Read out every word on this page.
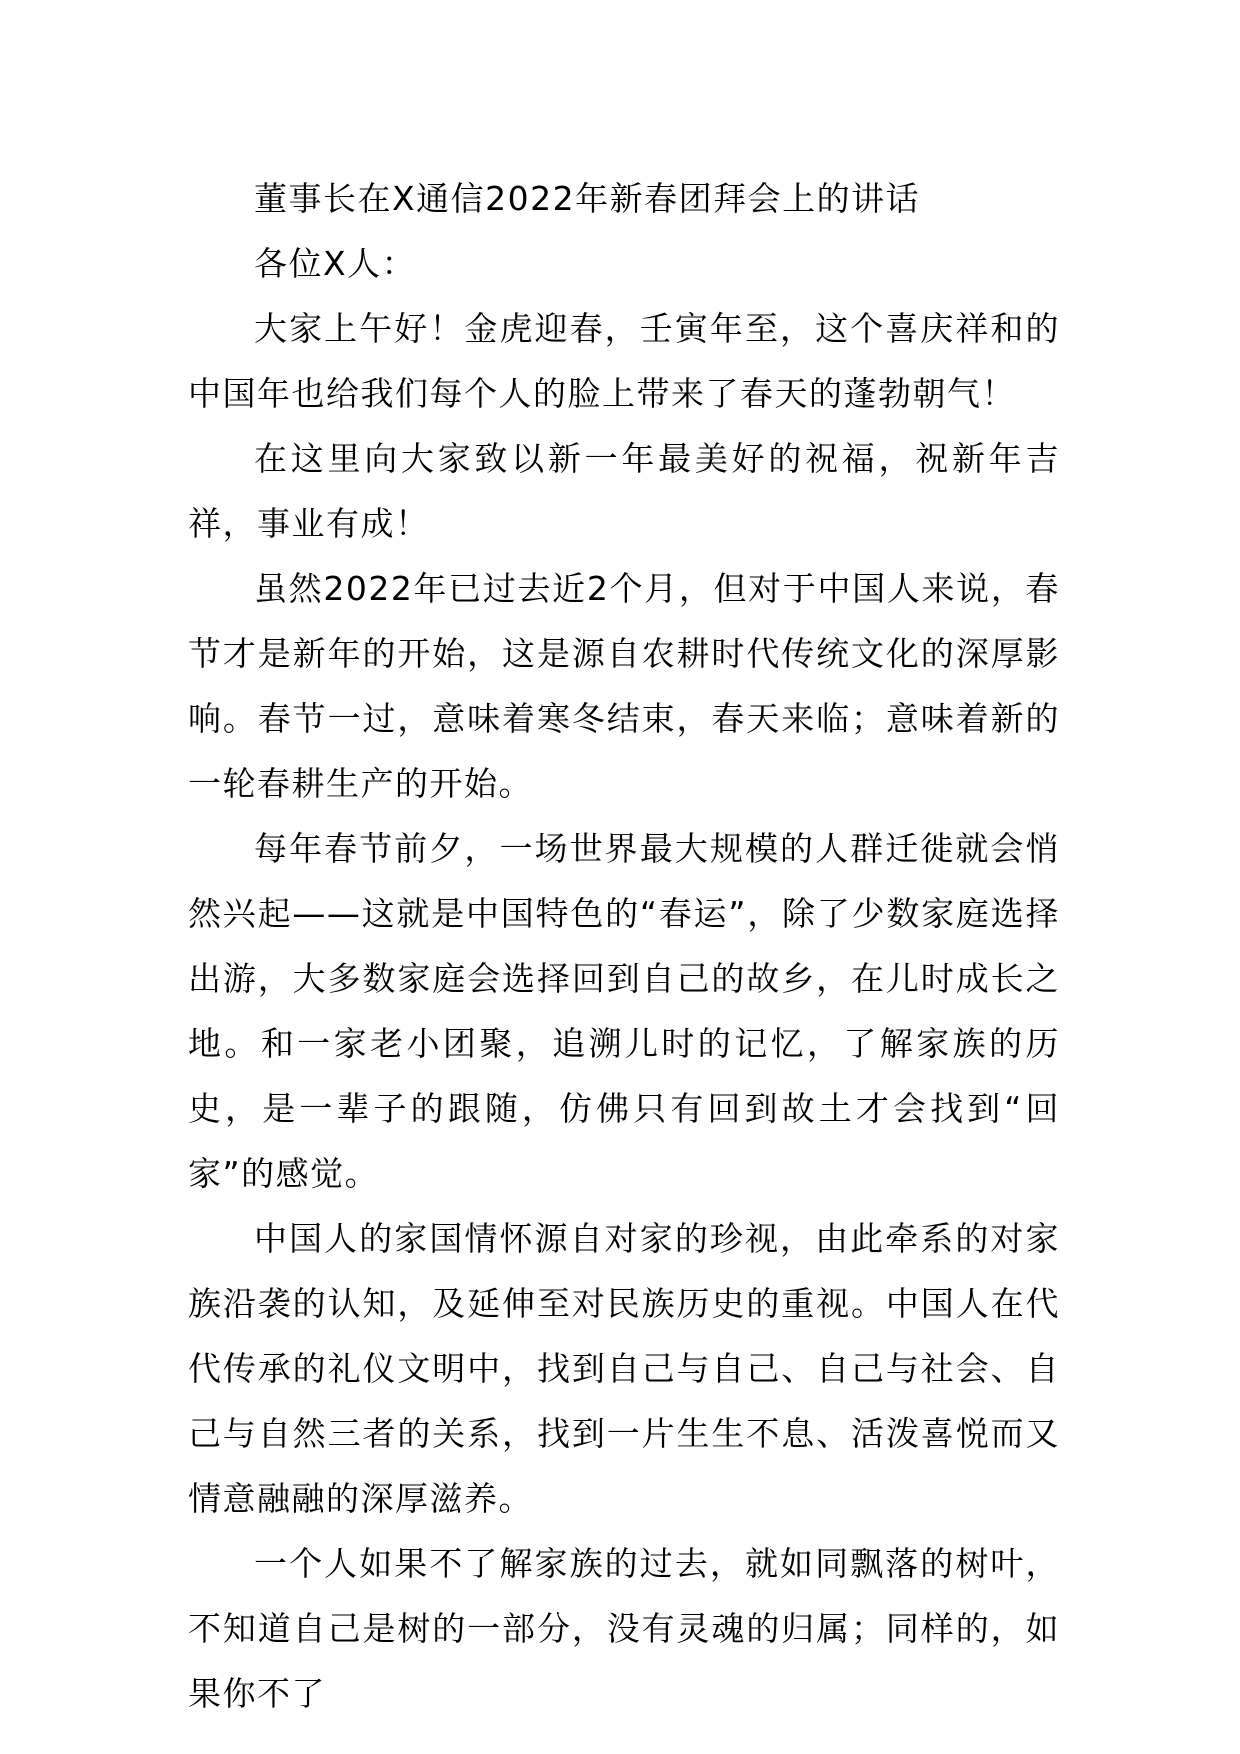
董事长在X通信2022年新春团拜会上的讲话

各位X人：

大家上午好！金虎迎春，壬寅年至，这个喜庆祥和的中国年也给我们每个人的脸上带来了春天的蓬勃朝气！

在这里向大家致以新一年最美好的祝福，祝新年吉祥，事业有成！

虽然2022年已过去近2个月，但对于中国人来说，春节才是新年的开始，这是源自农耕时代传统文化的深厚影响。春节一过，意味着寒冬结束，春天来临；意味着新的一轮春耕生产的开始。

每年春节前夕，一场世界最大规模的人群迁徙就会悄然兴起——这就是中国特色的“春运”，除了少数家庭选择出游，大多数家庭会选择回到自己的故乡，在儿时成长之地。和一家老小团聚，追溯儿时的记忆，了解家族的历史，是一辈子的跟随，仿佛只有回到故土才会找到“回家”的感觉。

中国人的家国情怀源自对家的珍视，由此牵系的对家族沿袭的认知，及延伸至对民族历史的重视。中国人在代代传承的礼仪文明中，找到自己与自己、自己与社会、自己与自然三者的关系，找到一片生生不息、活泼喜悦而又情意融融的深厚滋养。

一个人如果不了解家族的过去，就如同飘落的树叶，不知道自己是树的一部分，没有灵魂的归属；同样的，如果你不了
